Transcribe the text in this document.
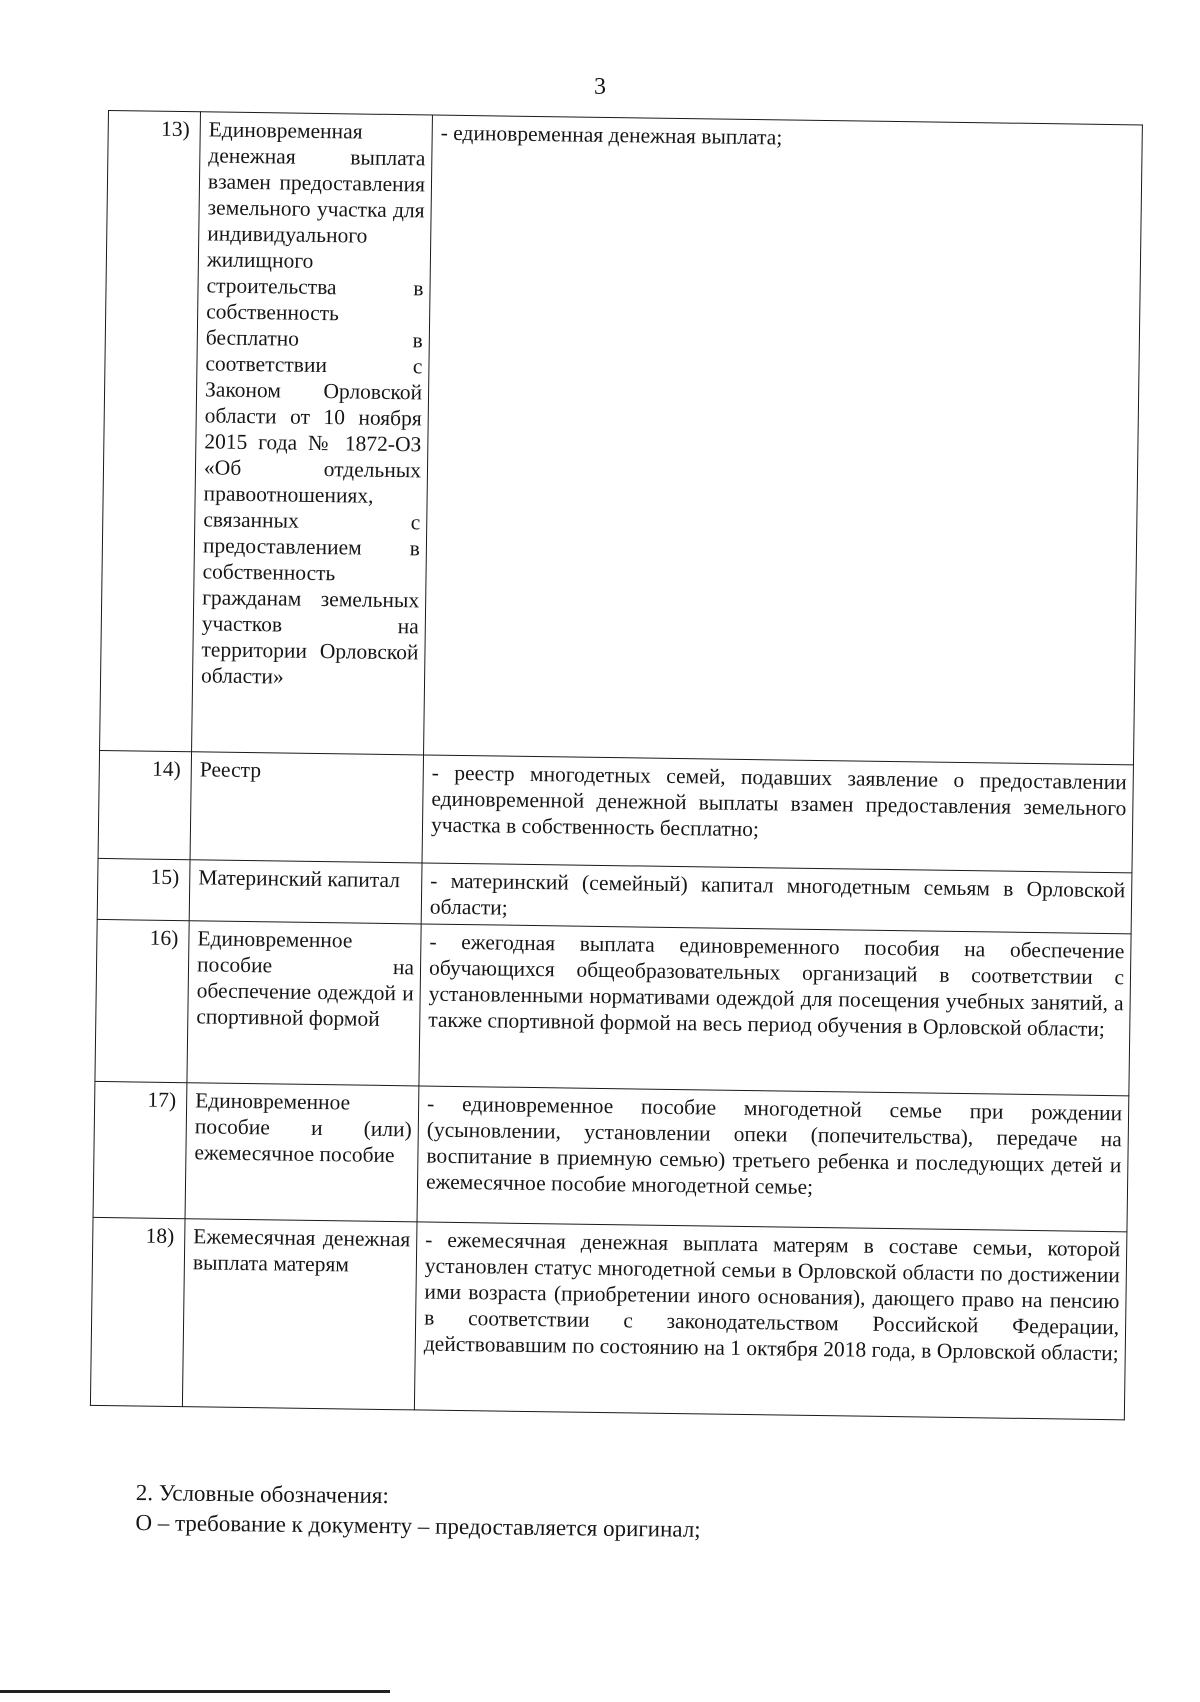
3
13)	Единовременная денежная выплата взамен предоставления земельного участка для индивидуального жилищного строительства в собственность бесплатно в соответствии с Законом Орловской области от 10 ноября 2015 года № 1872-ОЗ «Об отдельных правоотношениях, связанных с предоставлением в собственность гражданам земельных участков на территории Орловской области»	- единовременная денежная выплата;
14)	Реестр	- реестр многодетных семей, подавших заявление о предоставлении единовременной денежной выплаты взамен предоставления земельного участка в собственность бесплатно;
15)	Материнский капитал	- материнский (семейный) капитал многодетным семьям в Орловской области;
16)	Единовременное пособие на обеспечение одеждой и спортивной формой	- ежегодная выплата единовременного пособия на обеспечение обучающихся общеобразовательных организаций в соответствии с установленными нормативами одеждой для посещения учебных занятий, а также спортивной формой на весь период обучения в Орловской области;
17)	Единовременное пособие и (или) ежемесячное пособие	- единовременное пособие многодетной семье при рождении (усыновлении, установлении опеки (попечительства), передаче на воспитание в приемную семью) третьего ребенка и последующих детей и ежемесячное пособие многодетной семье;
18)	Ежемесячная денежная выплата матерям	- ежемесячная денежная выплата матерям в составе семьи, которой установлен статус многодетной семьи в Орловской области по достижении ими возраста (приобретении иного основания), дающего право на пенсию в соответствии с законодательством Российской Федерации, действовавшим по состоянию на 1 октября 2018 года, в Орловской области;
2. Условные обозначения:
О – требование к документу – предоставляется оригинал;
